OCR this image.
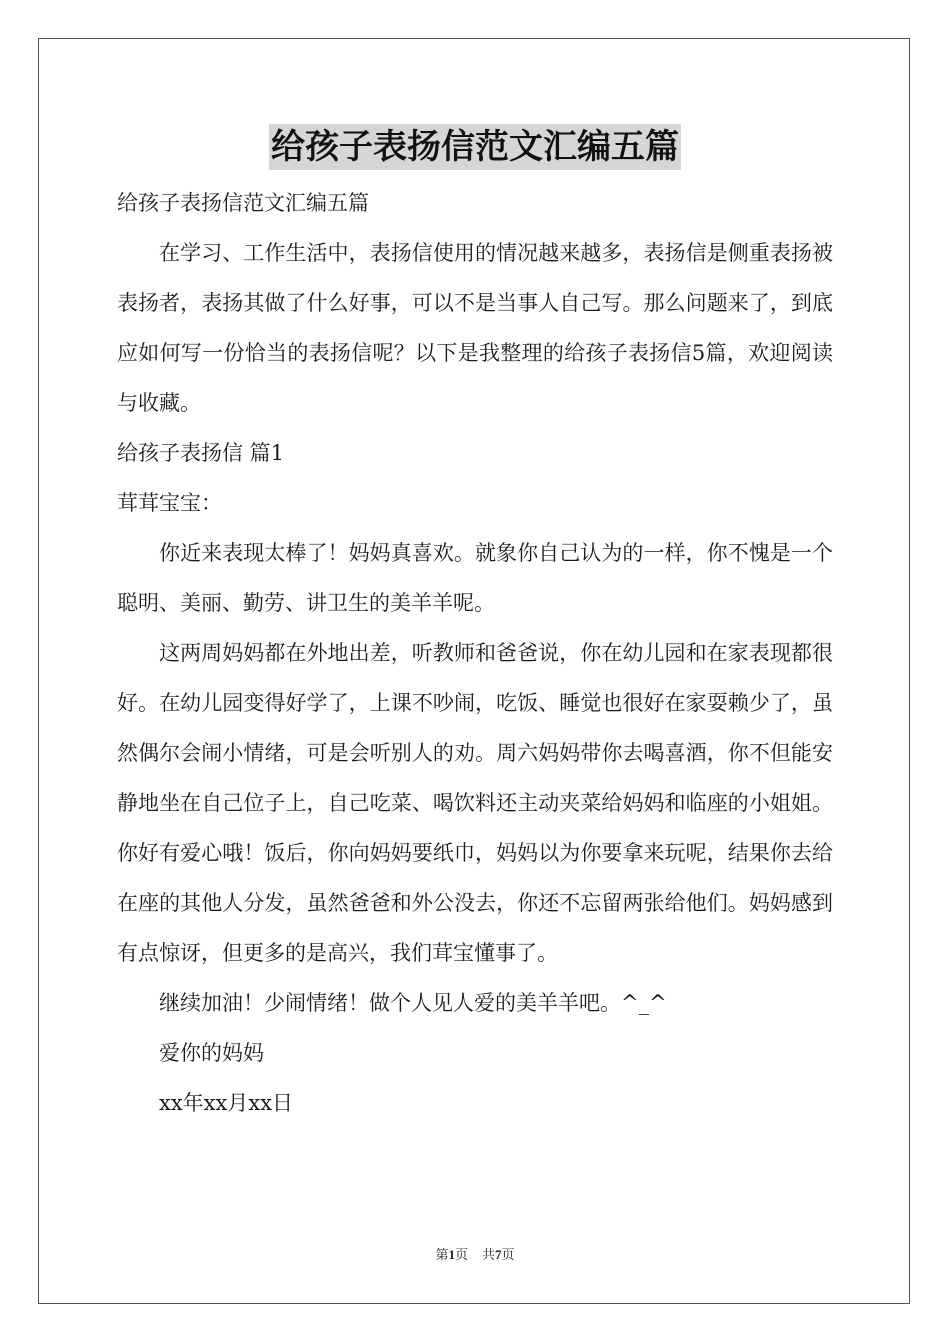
给孩子表扬信范文汇编五篇

给孩子表扬信范文汇编五篇

在学习、工作生活中，表扬信使用的情况越来越多，表扬信是侧重表扬被表扬者，表扬其做了什么好事，可以不是当事人自己写。那么问题来了，到底应如何写一份恰当的表扬信呢？以下是我整理的给孩子表扬信5篇，欢迎阅读与收藏。

给孩子表扬信 篇1

茸茸宝宝：

你近来表现太棒了！妈妈真喜欢。就象你自己认为的一样，你不愧是一个聪明、美丽、勤劳、讲卫生的美羊羊呢。

这两周妈妈都在外地出差，听教师和爸爸说，你在幼儿园和在家表现都很好。在幼儿园变得好学了，上课不吵闹，吃饭、睡觉也很好在家耍赖少了，虽然偶尔会闹小情绪，可是会听别人的劝。周六妈妈带你去喝喜酒，你不但能安静地坐在自己位子上，自己吃菜、喝饮料还主动夹菜给妈妈和临座的小姐姐。你好有爱心哦！饭后，你向妈妈要纸巾，妈妈以为你要拿来玩呢，结果你去给在座的其他人分发，虽然爸爸和外公没去，你还不忘留两张给他们。妈妈感到有点惊讶，但更多的是高兴，我们茸宝懂事了。

继续加油！少闹情绪！做个人见人爱的美羊羊吧。^_^

爱你的妈妈

xx年xx月xx日

第1页 共7页
